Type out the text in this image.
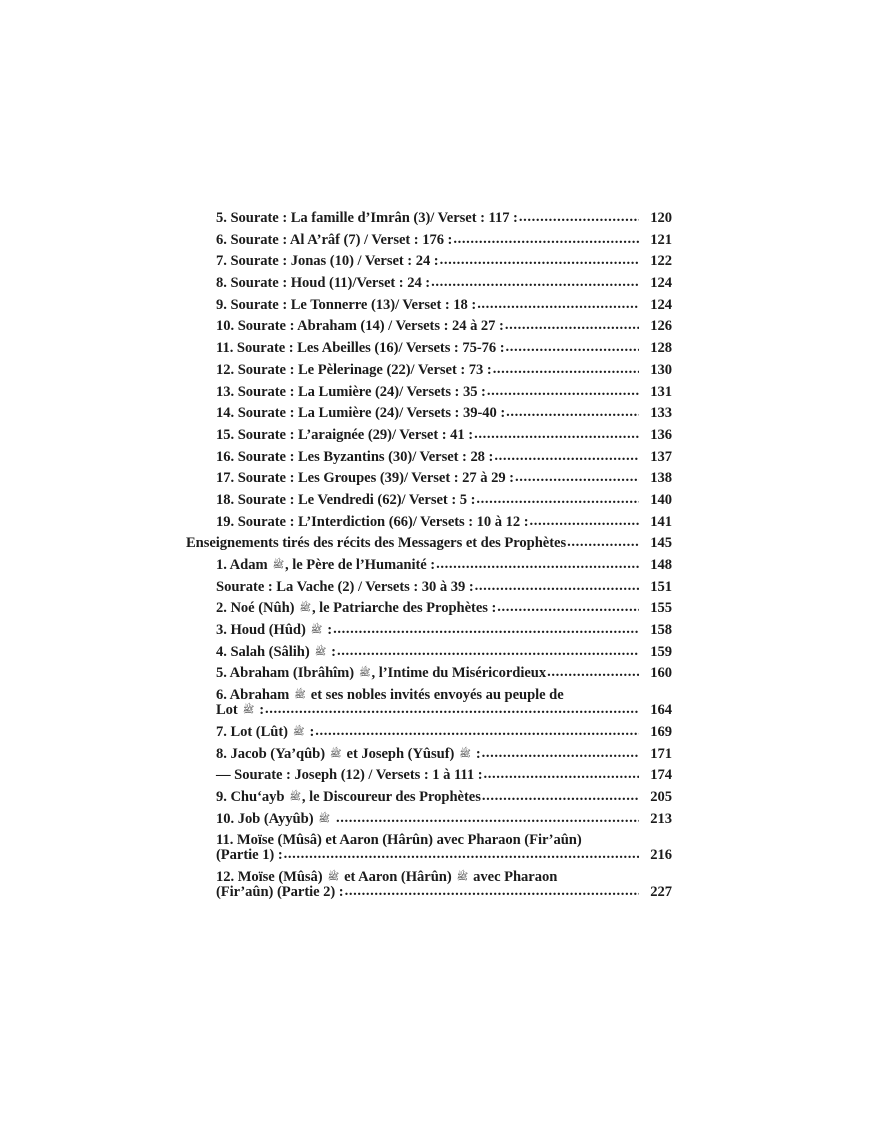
5. Sourate : La famille d’Imrân (3)/ Verset : 117 : .....	120
6. Sourate : Al A’râf (7) / Verset : 176 : .....	121
7. Sourate : Jonas (10) / Verset : 24 : .....	122
8. Sourate : Houd (11)/Verset : 24 : .....	124
9. Sourate : Le Tonnerre (13)/ Verset : 18 : .....	124
10. Sourate : Abraham (14) / Versets : 24 à 27 : .....	126
11. Sourate : Les Abeilles (16)/ Versets : 75-76 : .....	128
12. Sourate : Le Pèlerinage (22)/ Verset : 73 : .....	130
13. Sourate : La Lumière (24)/ Versets : 35 : .....	131
14. Sourate : La Lumière (24)/ Versets : 39-40 : .....	133
15. Sourate : L’araignée (29)/ Verset : 41 : .....	136
16. Sourate : Les Byzantins (30)/ Verset : 28 : .....	137
17. Sourate : Les Groupes (39)/ Verset : 27 à 29 : .....	138
18. Sourate : Le Vendredi (62)/ Verset : 5 : .....	140
19. Sourate : L’Interdiction (66)/ Versets : 10 à 12 : .....	141
Enseignements tirés des récits des Messagers et des Prophètes .....	145
1. Adam ﷺ, le Père de l’Humanité : .....	148
Sourate : La Vache (2) / Versets : 30 à 39 : .....	151
2. Noé (Nûh) ﷺ, le Patriarche des Prophètes : .....	155
3. Houd (Hûd) ﷺ : .....	158
4. Salah (Sâlih) ﷺ : .....	159
5. Abraham (Ibrâhîm) ﷺ, l’Intime du Miséricordieux .....	160
6. Abraham ﷺ et ses nobles invités envoyés au peuple de
Lot ﷺ : .....	164
7. Lot (Lût) ﷺ : .....	169
8. Jacob (Ya’qûb) ﷺ et Joseph (Yûsuf) ﷺ : .....	171
— Sourate : Joseph (12) / Versets : 1 à 111 : .....	174
9. Chu‘ayb ﷺ, le Discoureur des Prophètes .....	205
10. Job (Ayyûb) ﷺ .....	213
11. Moïse (Mûsâ) et Aaron (Hârûn) avec Pharaon (Fir’aûn)
(Partie 1) : .....	216
12. Moïse (Mûsâ) ﷺ et Aaron (Hârûn) ﷺ avec Pharaon
(Fir’aûn) (Partie 2) : .....	227
